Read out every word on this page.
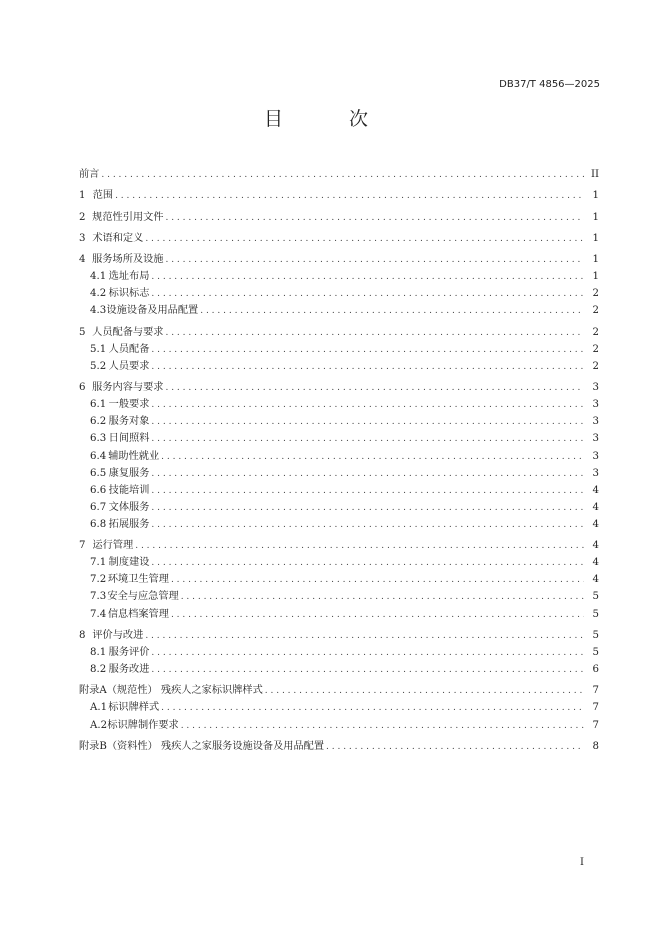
DB37/T 4856—2025
目 次
前言 . . .	II
1 范围 . . .	1
2 规范性引用文件 . . .	1
3 术语和定义 . . .	1
4 服务场所及设施 . . .	1
4.1 选址布局 . . .	1
4.2 标识标志 . . .	2
4.3 设施设备及用品配置 . . .	2
5 人员配备与要求 . . .	2
5.1 人员配备 . . .	2
5.2 人员要求 . . .	2
6 服务内容与要求 . . .	3
6.1 一般要求 . . .	3
6.2 服务对象 . . .	3
6.3 日间照料 . . .	3
6.4 辅助性就业 . . .	3
6.5 康复服务 . . .	3
6.6 技能培训 . . .	4
6.7 文体服务 . . .	4
6.8 拓展服务 . . .	4
7 运行管理 . . .	4
7.1 制度建设 . . .	4
7.2 环境卫生管理 . . .	4
7.3 安全与应急管理 . . .	5
7.4 信息档案管理 . . .	5
8 评价与改进 . . .	5
8.1 服务评价 . . .	5
8.2 服务改进 . . .	6
附录A（规范性） 残疾人之家标识牌样式 . . .	7
A.1 标识牌样式 . . .	7
A.2 标识牌制作要求 . . .	7
附录B（资料性） 残疾人之家服务设施设备及用品配置 . . .	8
I
